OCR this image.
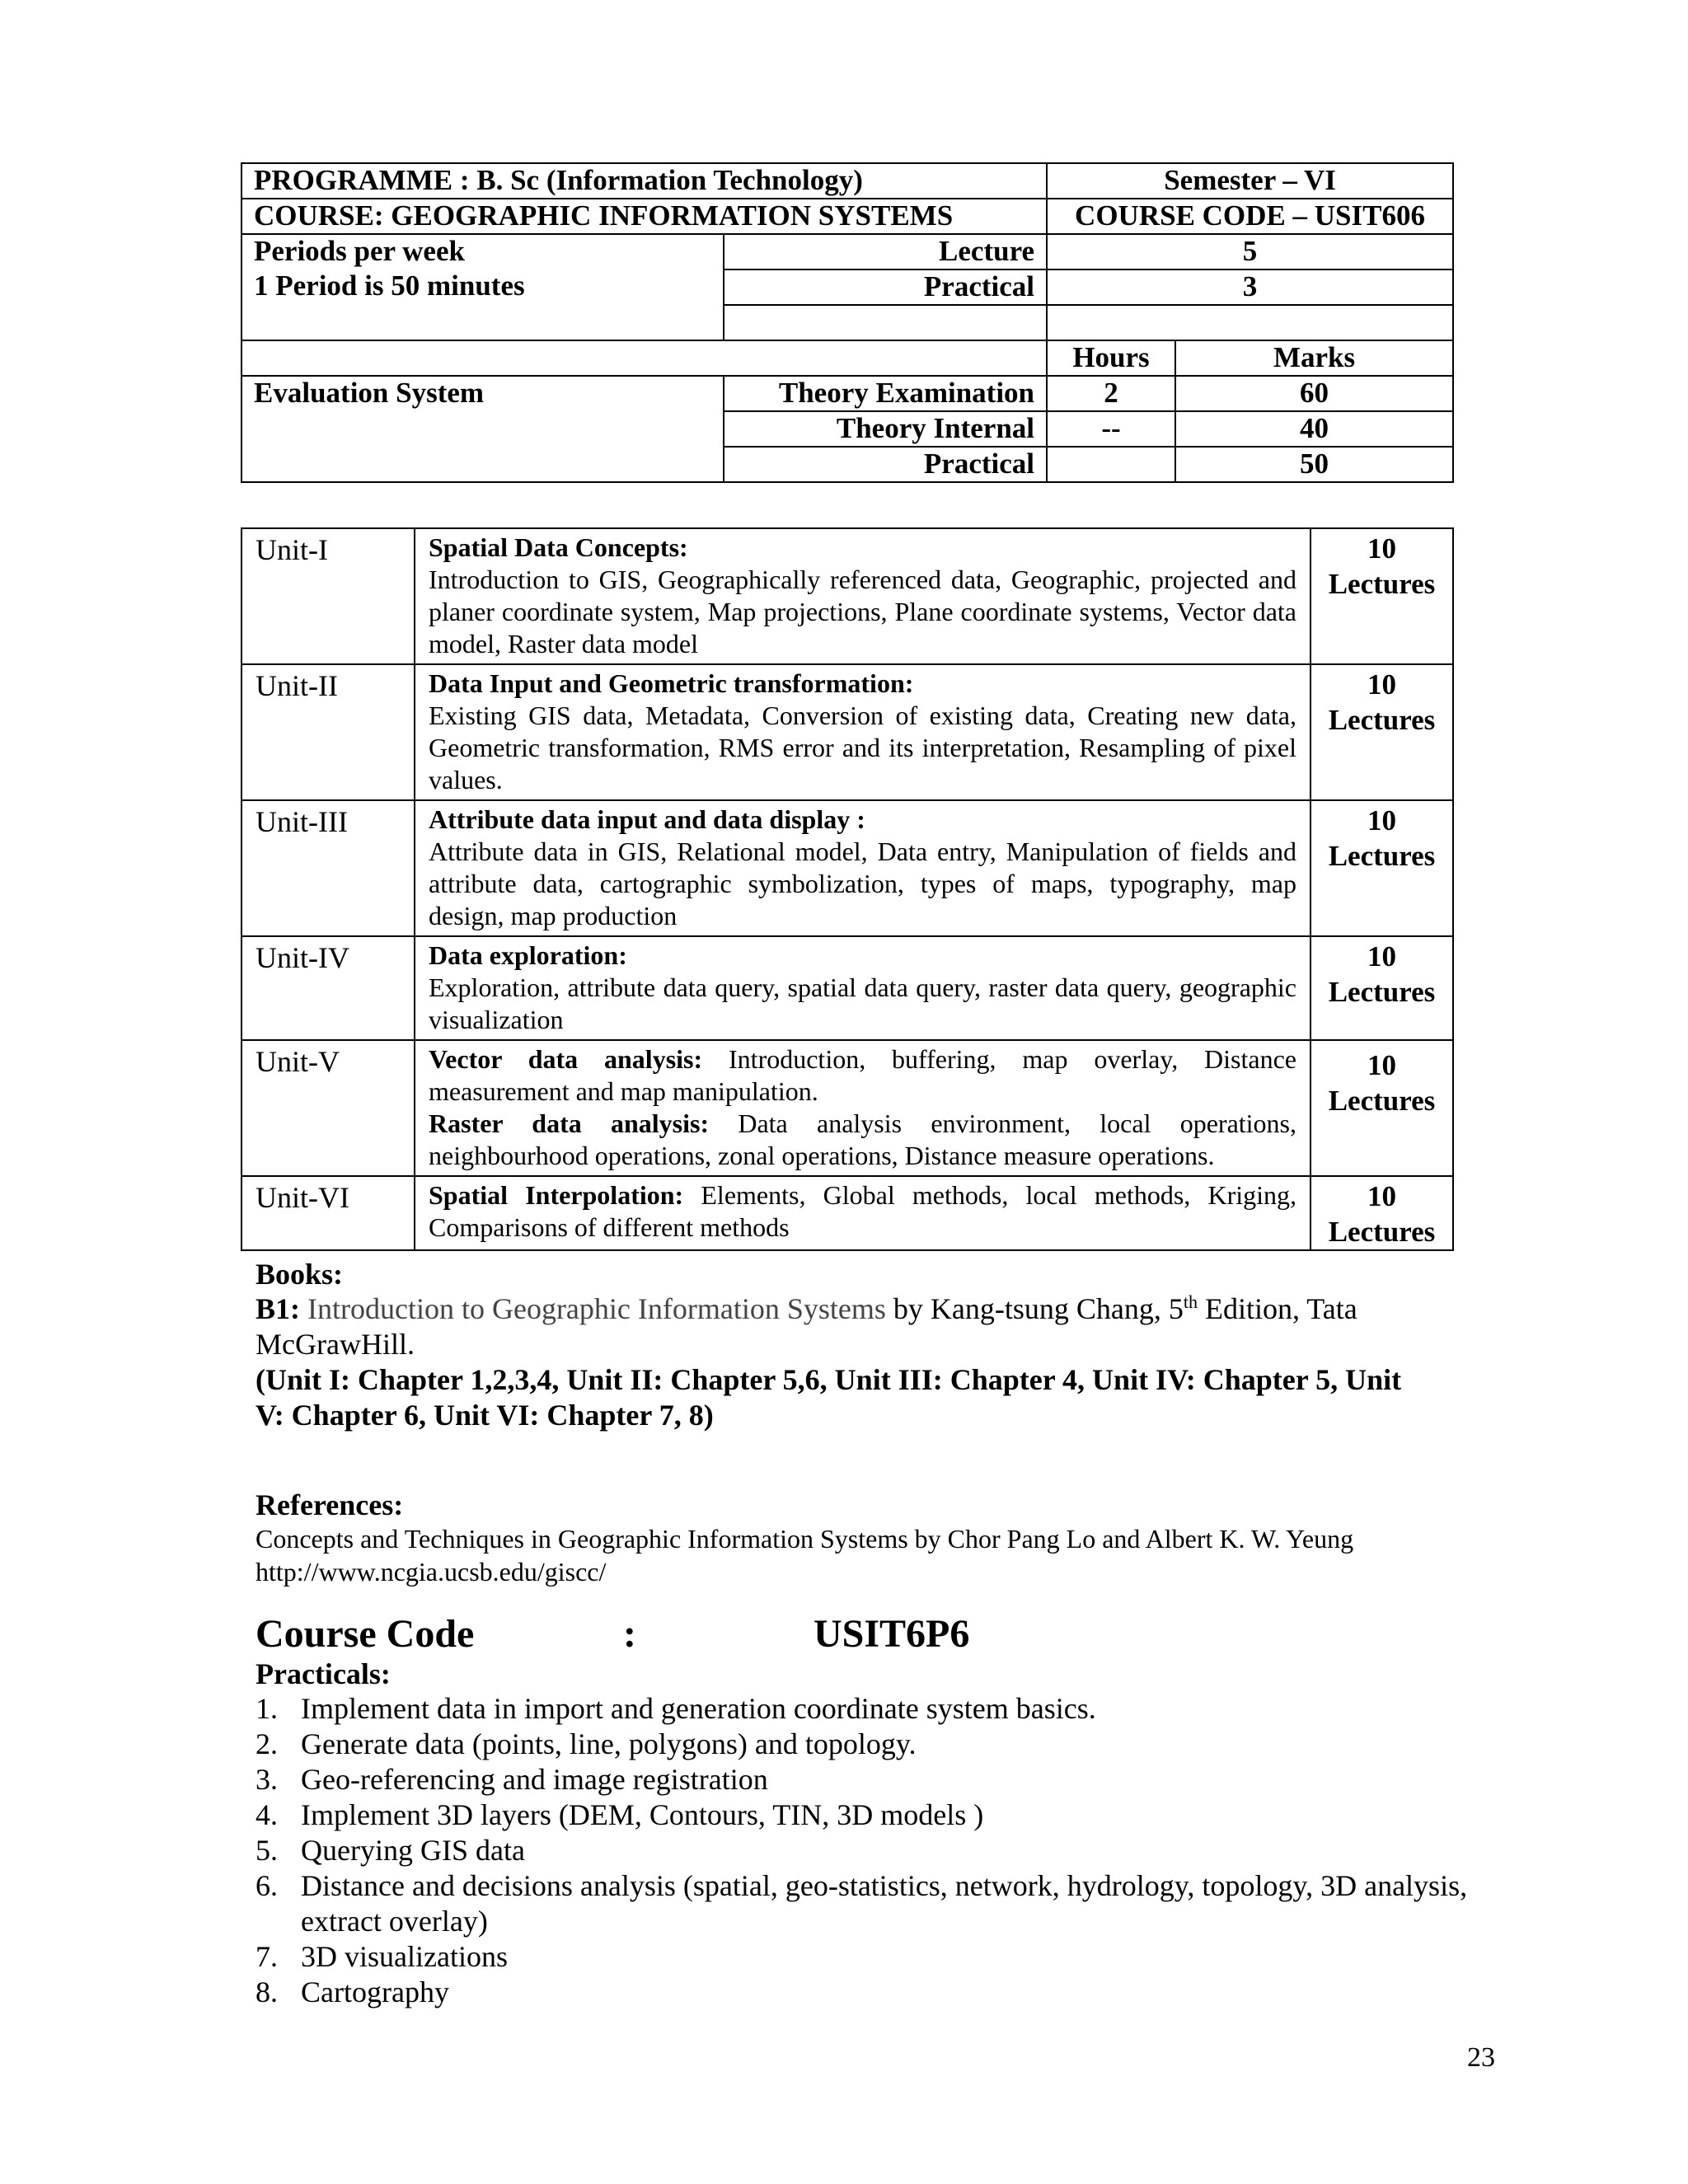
PROGRAMME : B. Sc (Information Technology)		Semester – VI	
COURSE: GEOGRAPHIC INFORMATION SYSTEMS		COURSE CODE – USIT606	
Periods per week	Lecture	5	
1 Period is 50 minutes	Practical	3	

		Hours	Marks
Evaluation System	Theory Examination	2	60
	Theory Internal	--	40
	Practical		50
Unit-I	Spatial Data Concepts:
Introduction to GIS, Geographically referenced data, Geographic, projected and planer coordinate system, Map projections, Plane coordinate systems, Vector data model, Raster data model	10
Lectures

Unit-II	Data Input and Geometric transformation:
Existing GIS data, Metadata, Conversion of existing data, Creating new data, Geometric transformation, RMS error and its interpretation, Resampling of pixel values.	10
Lectures

Unit-III	Attribute data input and data display :
Attribute data in GIS, Relational model, Data entry, Manipulation of fields and attribute data, cartographic symbolization, types of maps, typography, map design, map production	10
Lectures

Unit-IV	Data exploration:
Exploration, attribute data query, spatial data query, raster data query, geographic visualization	10
Lectures

Unit-V	Vector data analysis: Introduction, buffering, map overlay, Distance measurement and map manipulation.
Raster data analysis: Data analysis environment, local operations, neighbourhood operations, zonal operations, Distance measure operations.	10
Lectures

Unit-VI	Spatial Interpolation: Elements, Global methods, local methods, Kriging, Comparisons of different methods	10
Lectures
Books:
B1: Introduction to Geographic Information Systems by Kang-tsung Chang, 5th Edition, Tata
McGrawHill.
(Unit I: Chapter 1,2,3,4, Unit II: Chapter 5,6, Unit III: Chapter 4, Unit IV: Chapter 5, Unit
V: Chapter 6, Unit VI: Chapter 7, 8)
References:
Concepts and Techniques in Geographic Information Systems by Chor Pang Lo and Albert K. W. Yeung
http://www.ncgia.ucsb.edu/giscc/
Course Code	:	USIT6P6
Practicals:
1. Implement data in import and generation coordinate system basics.
2. Generate data (points, line, polygons) and topology.
3. Geo-referencing and image registration
4. Implement 3D layers (DEM, Contours, TIN, 3D models )
5. Querying GIS data
6. Distance and decisions analysis (spatial, geo-statistics, network, hydrology, topology, 3D analysis, extract overlay)
7. 3D visualizations
8. Cartography
23
